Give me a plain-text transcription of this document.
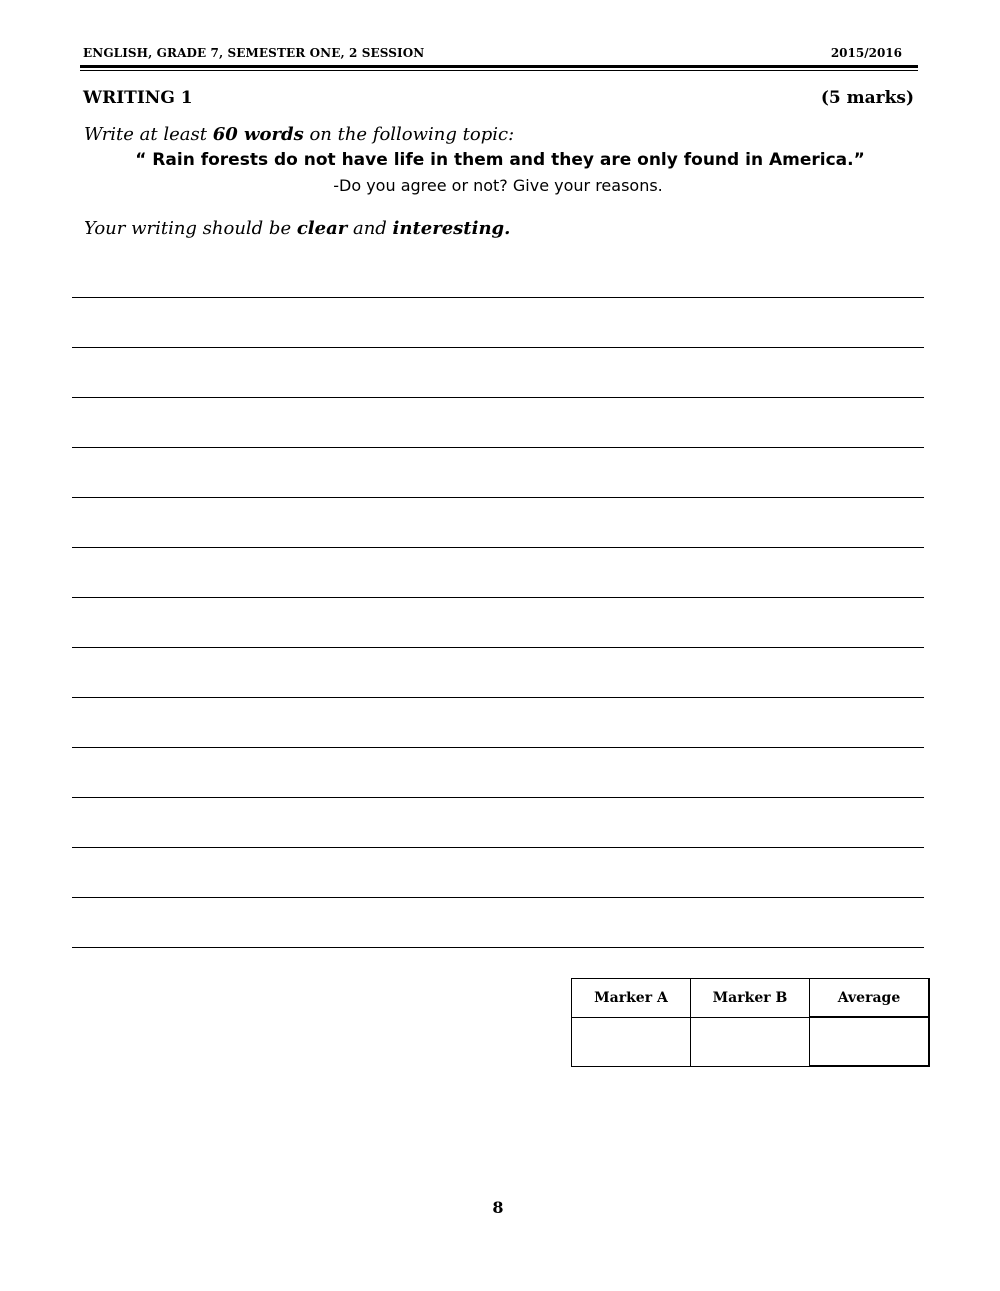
ENGLISH, GRADE 7, SEMESTER ONE, 2 SESSION	2015/2016
WRITING 1	(5 marks)
Write at least 60 words on the following topic:
“ Rain forests do not have life in them and they are only found in America.”
-Do you agree or not? Give your reasons.
Your writing should be clear and interesting.
Marker A	Marker B	Average

8
